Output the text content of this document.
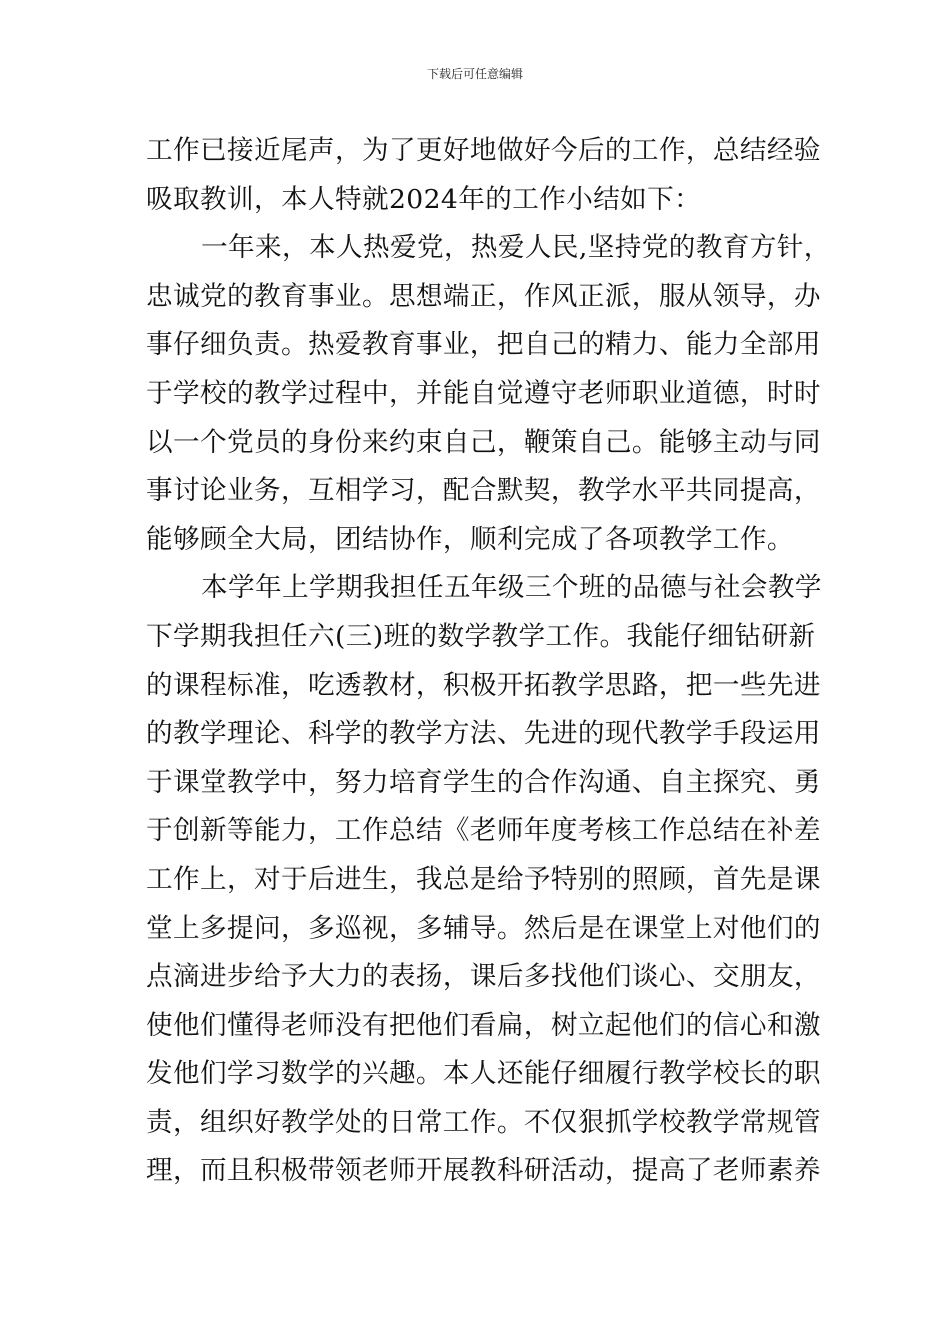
下载后可任意编辑
工作已接近尾声，为了更好地做好今后的工作，总结经验
吸取教训，本人特就2024年的工作小结如下：
一年来，本人热爱党，热爱人民,坚持党的教育方针，
忠诚党的教育事业。思想端正，作风正派，服从领导，办
事仔细负责。热爱教育事业，把自己的精力、能力全部用
于学校的教学过程中，并能自觉遵守老师职业道德，时时
以一个党员的身份来约束自己，鞭策自己。能够主动与同
事讨论业务，互相学习，配合默契，教学水平共同提高，
能够顾全大局，团结协作，顺利完成了各项教学工作。
本学年上学期我担任五年级三个班的品德与社会教学
下学期我担任六(三)班的数学教学工作。我能仔细钻研新
的课程标准，吃透教材，积极开拓教学思路，把一些先进
的教学理论、科学的教学方法、先进的现代教学手段运用
于课堂教学中，努力培育学生的合作沟通、自主探究、勇
于创新等能力，工作总结《老师年度考核工作总结在补差
工作上，对于后进生，我总是给予特别的照顾，首先是课
堂上多提问，多巡视，多辅导。然后是在课堂上对他们的
点滴进步给予大力的表扬，课后多找他们谈心、交朋友，
使他们懂得老师没有把他们看扁，树立起他们的信心和激
发他们学习数学的兴趣。本人还能仔细履行教学校长的职
责，组织好教学处的日常工作。不仅狠抓学校教学常规管
理，而且积极带领老师开展教科研活动，提高了老师素养
